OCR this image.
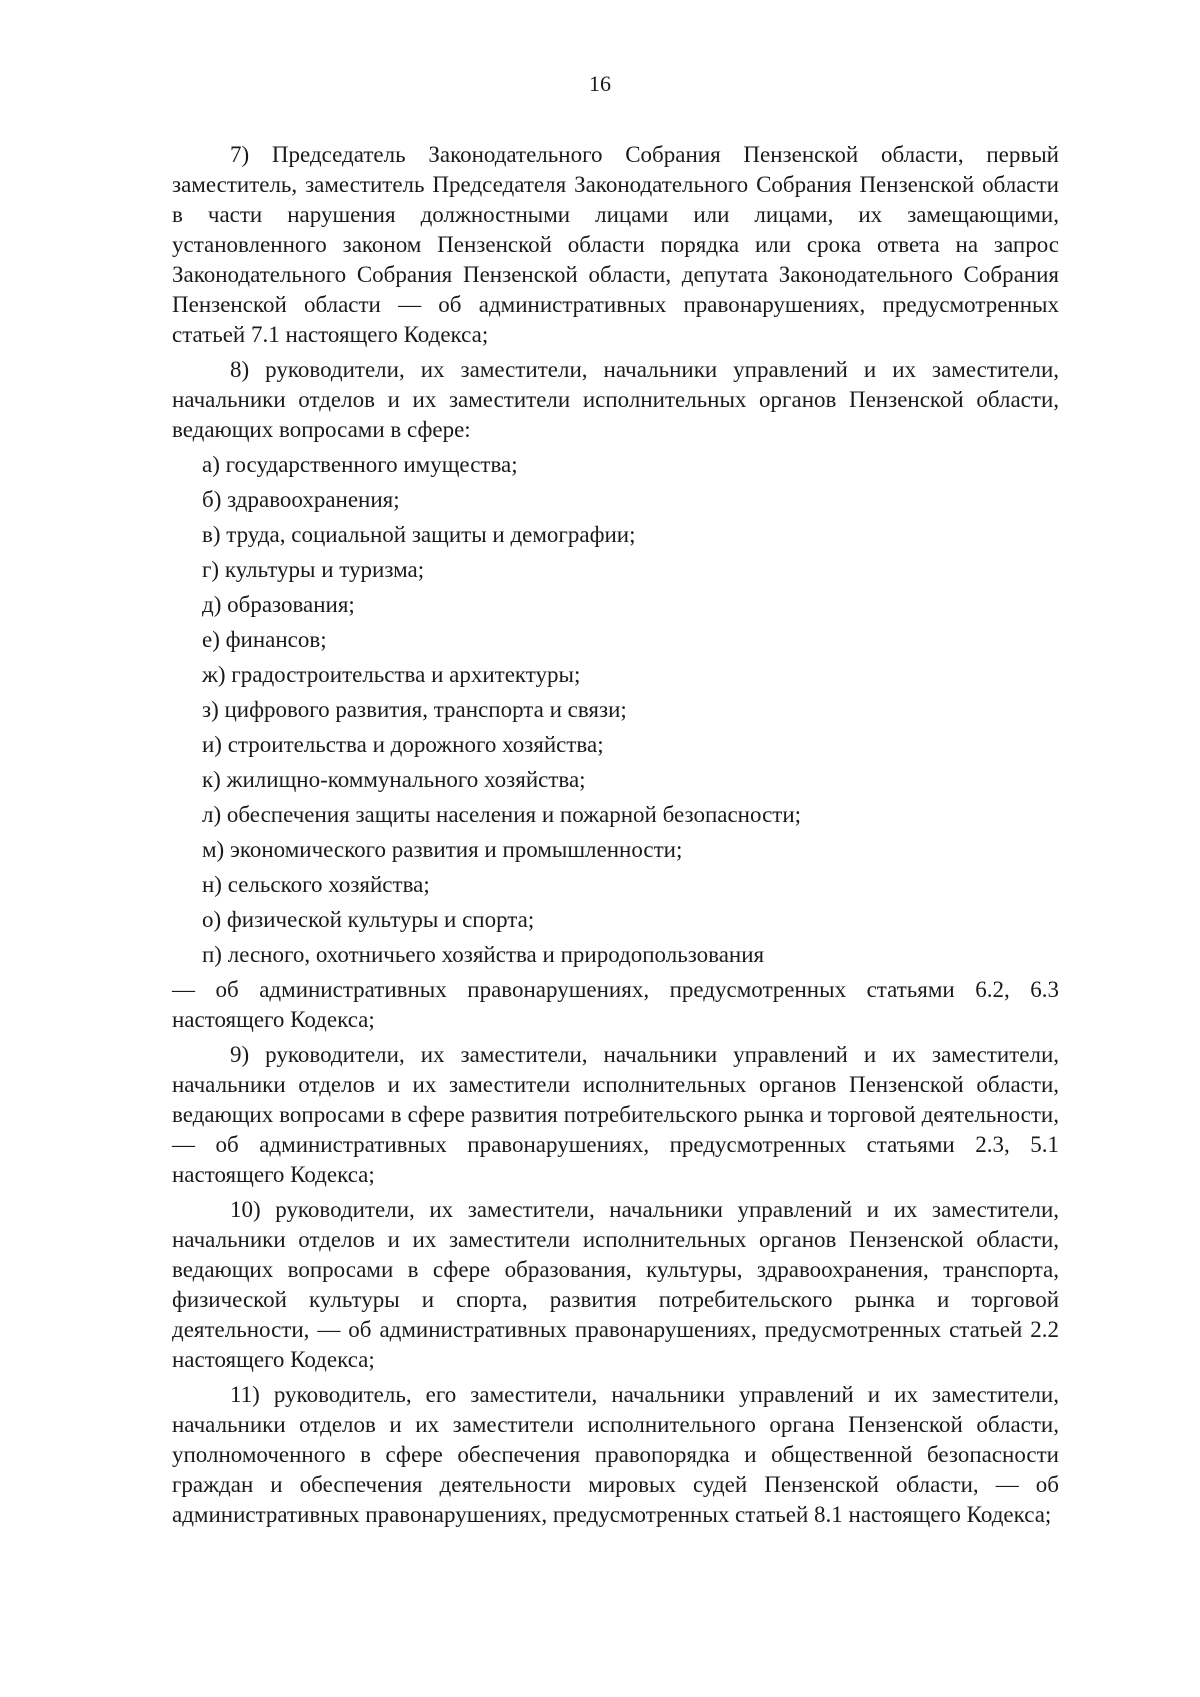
16

7) Председатель Законодательного Собрания Пензенской области, первый заместитель, заместитель Председателя Законодательного Собрания Пензенской области в части нарушения должностными лицами или лицами, их замещающими, установленного законом Пензенской области порядка или срока ответа на запрос Законодательного Собрания Пензенской области, депутата Законодательного Собрания Пензенской области — об административных правонарушениях, предусмотренных статьей 7.1 настоящего Кодекса;

8) руководители, их заместители, начальники управлений и их заместители, начальники отделов и их заместители исполнительных органов Пензенской области, ведающих вопросами в сфере:

а) государственного имущества;
б) здравоохранения;
в) труда, социальной защиты и демографии;
г) культуры и туризма;
д) образования;
е) финансов;
ж) градостроительства и архитектуры;
з) цифрового развития, транспорта и связи;
и) строительства и дорожного хозяйства;
к) жилищно-коммунального хозяйства;
л) обеспечения защиты населения и пожарной безопасности;
м) экономического развития и промышленности;
н) сельского хозяйства;
о) физической культуры и спорта;
п) лесного, охотничьего хозяйства и природопользования

— об административных правонарушениях, предусмотренных статьями 6.2, 6.3 настоящего Кодекса;

9) руководители, их заместители, начальники управлений и их заместители, начальники отделов и их заместители исполнительных органов Пензенской области, ведающих вопросами в сфере развития потребительского рынка и торговой деятельности, — об административных правонарушениях, предусмотренных статьями 2.3, 5.1 настоящего Кодекса;

10) руководители, их заместители, начальники управлений и их заместители, начальники отделов и их заместители исполнительных органов Пензенской области, ведающих вопросами в сфере образования, культуры, здравоохранения, транспорта, физической культуры и спорта, развития потребительского рынка и торговой деятельности, — об административных правонарушениях, предусмотренных статьей 2.2 настоящего Кодекса;

11) руководитель, его заместители, начальники управлений и их заместители, начальники отделов и их заместители исполнительного органа Пензенской области, уполномоченного в сфере обеспечения правопорядка и общественной безопасности граждан и обеспечения деятельности мировых судей Пензенской области, — об административных правонарушениях, предусмотренных статьей 8.1 настоящего Кодекса;
